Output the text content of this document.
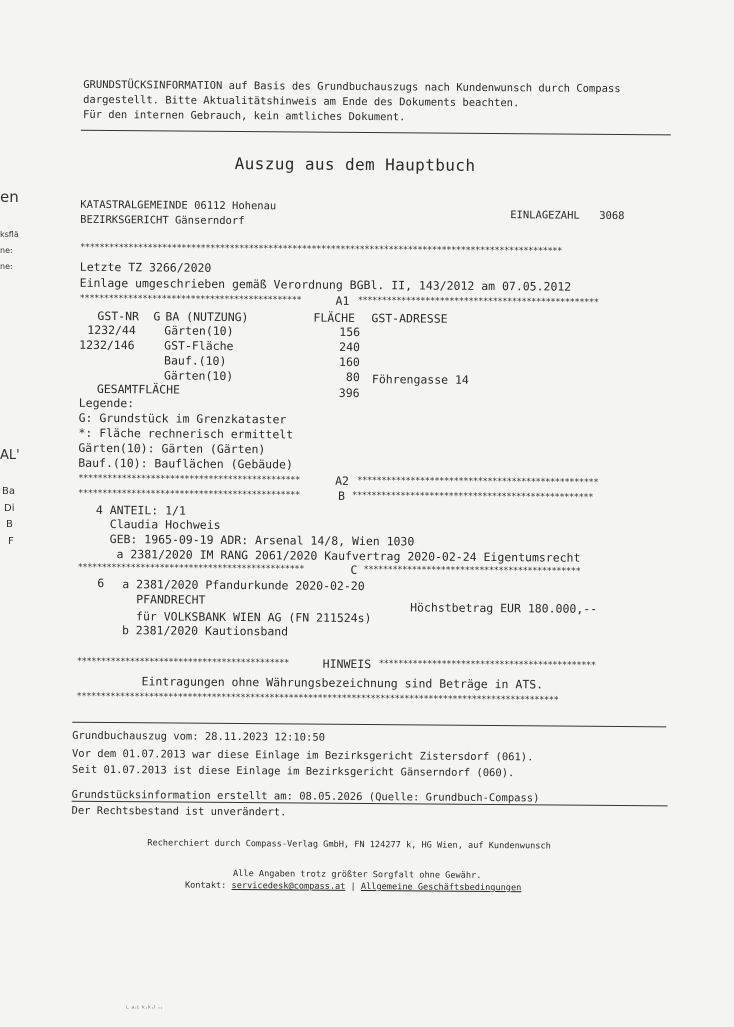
GRUNDSTÜCKSINFORMATION auf Basis des Grundbuchauszugs nach Kundenwunsch durch Compass
dargestellt. Bitte Aktualitätshinweis am Ende des Dokuments beachten.
Für den internen Gebrauch, kein amtliches Dokument.
Auszug aus dem Hauptbuch
KATASTRALGEMEINDE 06112 Hohenau
BEZIRKSGERICHT Gänserndorf	EINLAGEZAHL 3068
****************************************************************************************************
Letzte TZ 3266/2020
Einlage umgeschrieben gemäß Verordnung BGBl. II, 143/2012 am 07.05.2012
**********************************************	A1 **************************************************
GST-NR G BA (NUTZUNG)	FLÄCHE GST-ADRESSE
1232/44 Gärten(10)	156
1232/146	GST-Fläche	240
Bauf.(10)	160
Gärten(10)	80 Föhrengasse 14
GESAMTFLÄCHE	396
Legende:
G: Grundstück im Grenzkataster
*: Fläche rechnerisch ermittelt
Gärten(10): Gärten (Gärten)
Bauf.(10): Bauflächen (Gebäude)
**********************************************	A2 **************************************************
**********************************************	B **************************************************
4 ANTEIL: 1/1
Claudia Hochweis
GEB: 1965-09-19 ADR: Arsenal 14/8, Wien 1030
a 2381/2020 IM RANG 2061/2020 Kaufvertrag 2020-02-24 Eigentumsrecht
***********************************************	C *********************************************
6 a 2381/2020 Pfandurkunde 2020-02-20
PFANDRECHT
Höchstbetrag EUR 180.000,--
für VOLKSBANK WIEN AG (FN 211524s)
b 2381/2020 Kautionsband
********************************************	HINWEIS *********************************************
Eintragungen ohne Währungsbezeichnung sind Beträge in ATS.
****************************************************************************************************
Grundbuchauszug vom: 28.11.2023 12:10:50
Vor dem 01.07.2013 war diese Einlage im Bezirksgericht Zistersdorf (061).
Seit 01.07.2013 ist diese Einlage im Bezirksgericht Gänserndorf (060).
Grundstücksinformation erstellt am: 08.05.2026 (Quelle: Grundbuch-Compass)
Der Rechtsbestand ist unverändert.
Recherchiert durch Compass-Verlag GmbH, FN 124277 k, HG Wien, auf Kundenwunsch
Alle Angaben trotz größter Sorgfalt ohne Gewähr.
Kontakt: servicedesk@compass.at | Allgemeine Geschäftsbedingungen
en
ksflä
ne:
ne:
AL'
Ba
Di
B
F
ᴸ ᵃ·ᵗ ᵏ·ᵏ·ˡ ··
